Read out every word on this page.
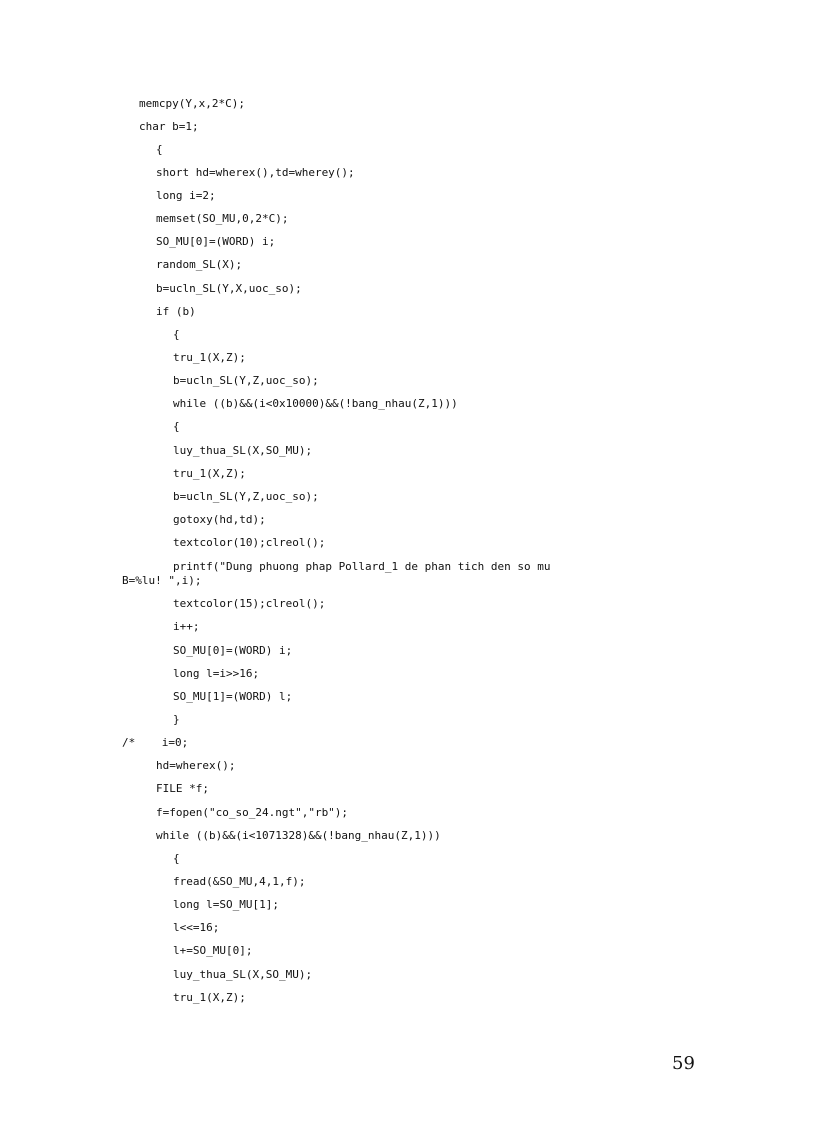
memcpy(Y,x,2*C);
char b=1;
{
short hd=wherex(),td=wherey();
long i=2;
memset(SO_MU,0,2*C);
SO_MU[0]=(WORD) i;
random_SL(X);
b=ucln_SL(Y,X,uoc_so);
if (b)
{
tru_1(X,Z);
b=ucln_SL(Y,Z,uoc_so);
while ((b)&&(i<0x10000)&&(!bang_nhau(Z,1)))
{
luy_thua_SL(X,SO_MU);
tru_1(X,Z);
b=ucln_SL(Y,Z,uoc_so);
gotoxy(hd,td);
textcolor(10);clreol();
printf("Dung phuong phap Pollard_1 de phan tich den so mu
B=%lu! ",i);
textcolor(15);clreol();
i++;
SO_MU[0]=(WORD) i;
long l=i>>16;
SO_MU[1]=(WORD) l;
}
/*    i=0;
hd=wherex();
FILE *f;
f=fopen("co_so_24.ngt","rb");
while ((b)&&(i<1071328)&&(!bang_nhau(Z,1)))
{
fread(&SO_MU,4,1,f);
long l=SO_MU[1];
l<<=16;
l+=SO_MU[0];
luy_thua_SL(X,SO_MU);
tru_1(X,Z);
59
